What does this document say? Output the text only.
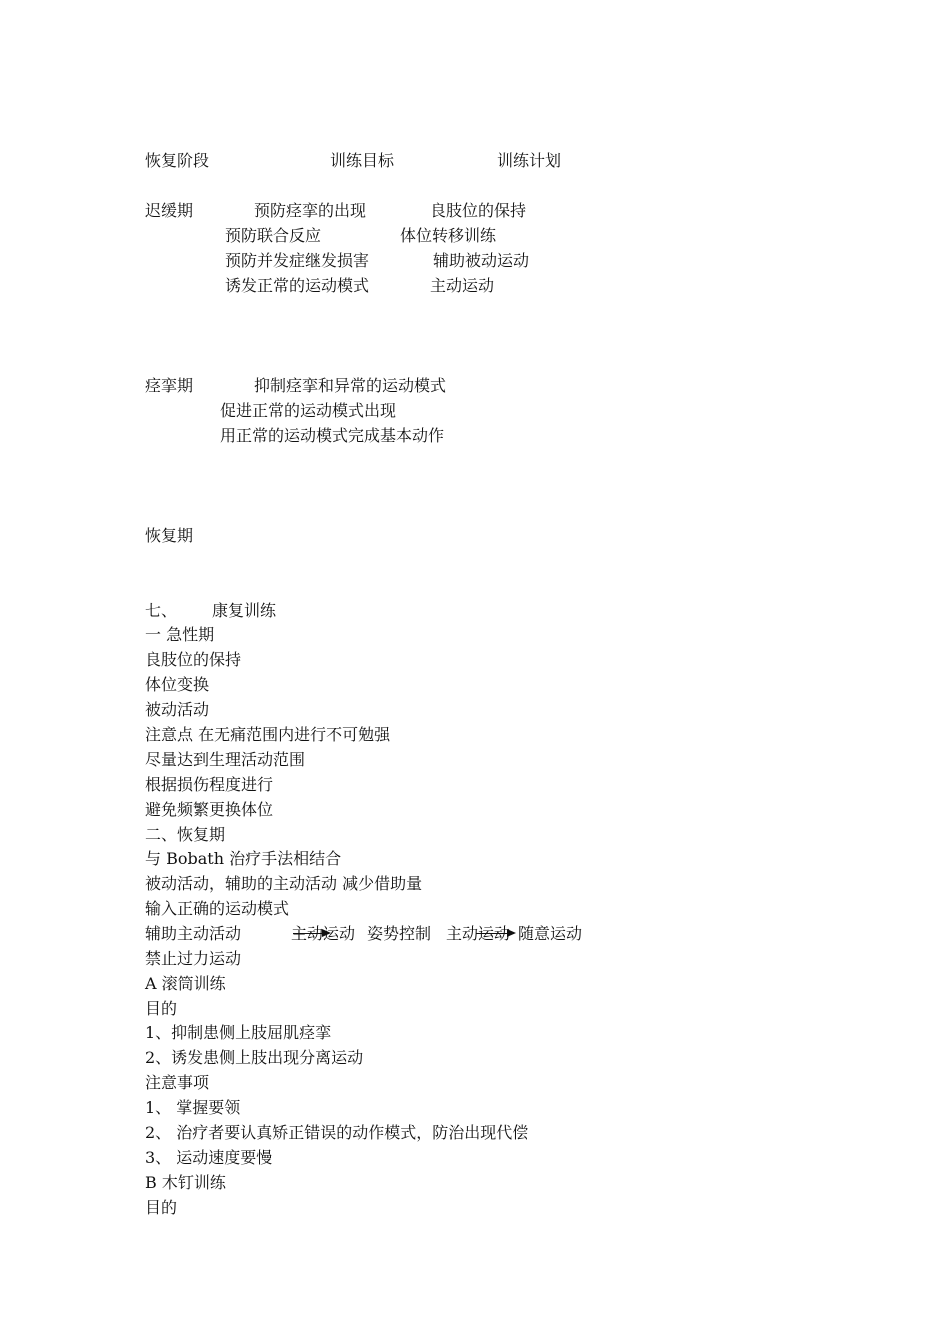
恢复阶段	训练目标	训练计划
迟缓期	预防痉挛的出现	良肢位的保持
预防联合反应	体位转移训练
预防并发症继发损害	辅助被动运动
诱发正常的运动模式	主动运动
痉挛期	抑制痉挛和异常的运动模式
促进正常的运动模式出现
用正常的运动模式完成基本动作
恢复期
七、 康复训练
一 急性期
良肢位的保持
体位变换
被动活动
注意点 在无痛范围内进行不可勉强
尽量达到生理活动范围
根据损伤程度进行
避免频繁更换体位
二、恢复期
与 Bobath 治疗手法相结合
被动活动，辅助的主动活动 减少借助量
输入正确的运动模式
辅助主动活动	主动运动 姿势控制 主动运动 随意运动
禁止过力运动
A 滚筒训练
目的
1、抑制患侧上肢屈肌痉挛
2、诱发患侧上肢出现分离运动
注意事项
1、 掌握要领
2、 治疗者要认真矫正错误的动作模式，防治出现代偿
3、 运动速度要慢
B 木钉训练
目的
